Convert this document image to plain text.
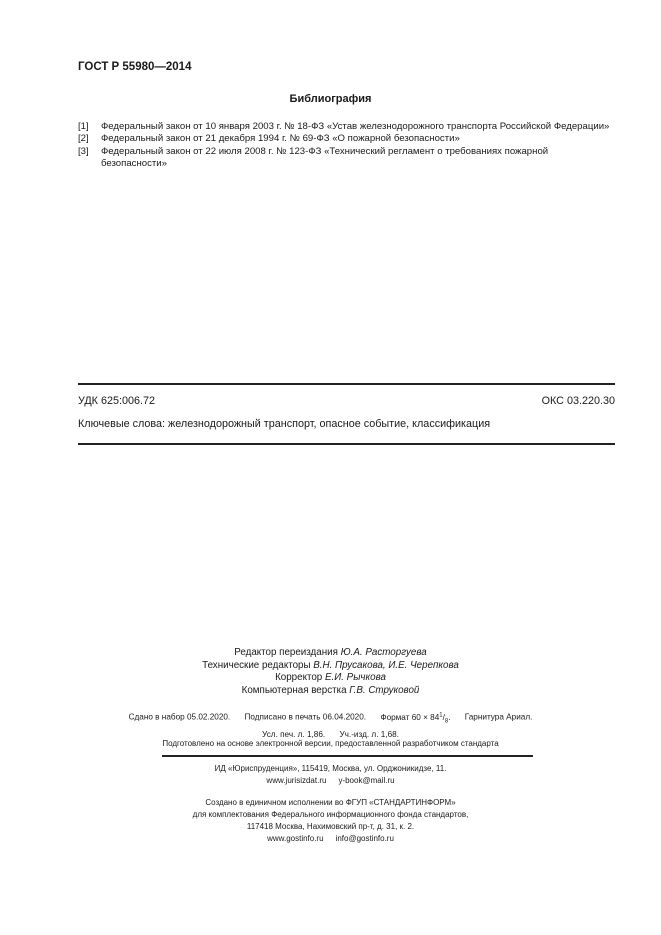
ГОСТ Р 55980—2014
Библиография
[1]	Федеральный закон от 10 января 2003 г. № 18-ФЗ «Устав железнодорожного транспорта Российской Федерации»
[2]	Федеральный закон от 21 декабря 1994 г. № 69-ФЗ «О пожарной безопасности»
[3]	Федеральный закон от 22 июля 2008 г. № 123-ФЗ «Технический регламент о требованиях пожарной безопасности»
УДК 625:006.72	ОКС 03.220.30
Ключевые слова: железнодорожный транспорт, опасное событие, классификация
Редактор переиздания Ю.А. Расторгуева
Технические редакторы В.Н. Прусакова, И.Е. Черепкова
Корректор Е.И. Рычкова
Компьютерная верстка Г.В. Струковой
Сдано в набор 05.02.2020. Подписано в печать 06.04.2020. Формат $60 \times 84^1/_8$. Гарнитура Ариал.
Усл. печ. л. 1,86. Уч.-изд. л. 1,68.
Подготовлено на основе электронной версии, предоставленной разработчиком стандарта
ИД «Юриспруденция», 115419, Москва, ул. Орджоникидзе, 11.
www.jurisizdat.ru y-book@mail.ru
Создано в единичном исполнении во ФГУП «СТАНДАРТИНФОРМ»
для комплектования Федерального информационного фонда стандартов,
117418 Москва, Нахимовский пр-т, д. 31, к. 2.
www.gostinfo.ru info@gostinfo.ru
